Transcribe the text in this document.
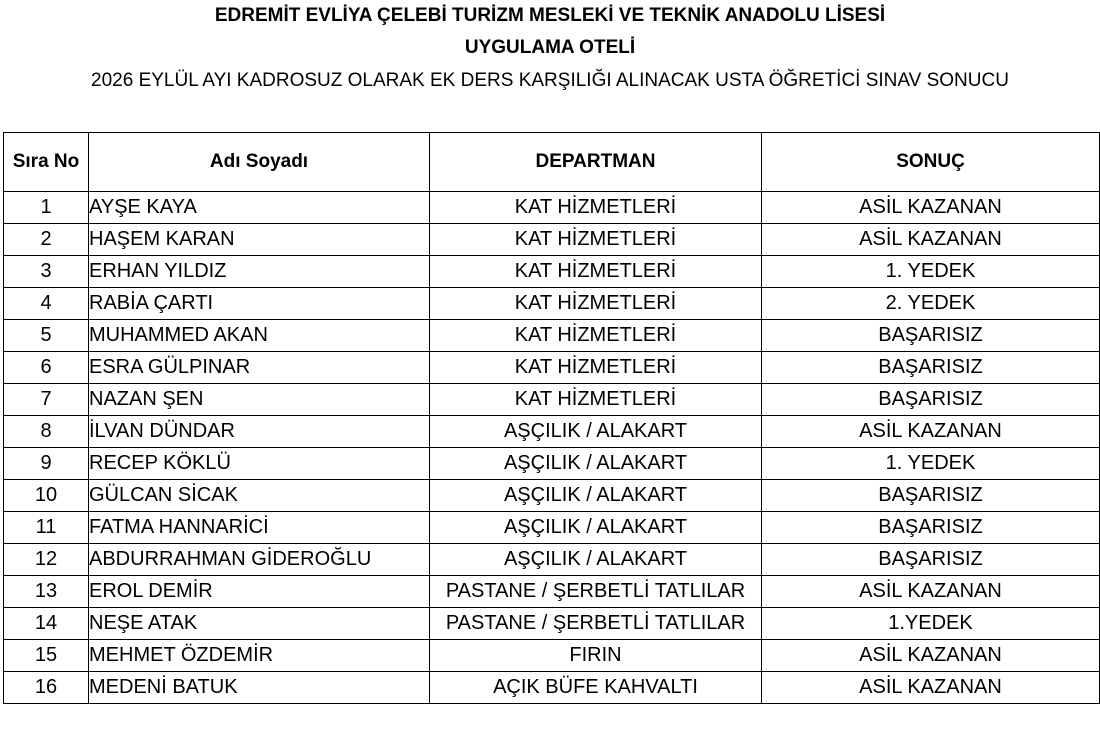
EDREMİT EVLİYA ÇELEBİ TURİZM MESLEKİ VE TEKNİK ANADOLU LİSESİ
UYGULAMA OTELİ
2026 EYLÜL AYI KADROSUZ OLARAK EK DERS KARŞILIĞI ALINACAK USTA ÖĞRETİCİ SINAV SONUCU
Sıra No	Adı Soyadı	DEPARTMAN	SONUÇ
1	AYŞE KAYA	KAT HİZMETLERİ	ASİL KAZANAN
2	HAŞEM KARAN	KAT HİZMETLERİ	ASİL KAZANAN
3	ERHAN YILDIZ	KAT HİZMETLERİ	1. YEDEK
4	RABİA ÇARTI	KAT HİZMETLERİ	2. YEDEK
5	MUHAMMED AKAN	KAT HİZMETLERİ	BAŞARISIZ
6	ESRA GÜLPINAR	KAT HİZMETLERİ	BAŞARISIZ
7	NAZAN ŞEN	KAT HİZMETLERİ	BAŞARISIZ
8	İLVAN DÜNDAR	AŞÇILIK / ALAKART	ASİL KAZANAN
9	RECEP KÖKLÜ	AŞÇILIK / ALAKART	1. YEDEK
10	GÜLCAN SİCAK	AŞÇILIK / ALAKART	BAŞARISIZ
11	FATMA HANNARİCİ	AŞÇILIK / ALAKART	BAŞARISIZ
12	ABDURRAHMAN GİDEROĞLU	AŞÇILIK / ALAKART	BAŞARISIZ
13	EROL DEMİR	PASTANE / ŞERBETLİ TATLILAR	ASİL KAZANAN
14	NEŞE ATAK	PASTANE / ŞERBETLİ TATLILAR	1.YEDEK
15	MEHMET ÖZDEMİR	FIRIN	ASİL KAZANAN
16	MEDENİ BATUK	AÇIK BÜFE KAHVALTI	ASİL KAZANAN
